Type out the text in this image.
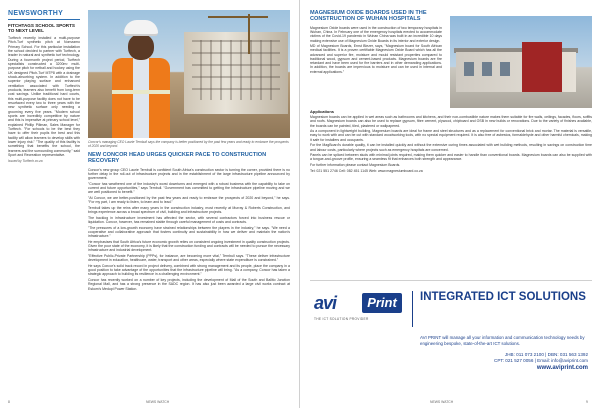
NEWSWORTHY
FITCHTAGS SCHOOL SPORTS TO NEXT LEVEL
Turftech recently installed a multi-purpose Pitch-Turf synthetic pitch at Nomzamo Primary School. For this particular installation the school decided to partner with Turftech, a leader in natural and synthetic turf technology. During a fourmonth project period, Turftech specialists constructed a 3200m² multi-purpose pitch for netball and hockey using the UK designed Pitch-Turf MTP8 with a drainage shock-absorbing system. In addition to the superior playing surface and enhanced ventilation associated with Turftech's products, learners also benefit from long-term cost savings. Unlike traditional hard courts, this multi-purpose facility does not have to be resurfaced every two to three years with the new synthetic surface only needing a grooming every five years. "Modern school sports are incredibly competitive by nature and this is imperative at primary school level," explained Phillip Pillman, Sales Manager for Turftech. "For schools to be the best they have to offer their pupils the best and this facility will allow learners to develop skills with lower injury risk." "The quality of this facility is something that benefits the school, the learners and the surrounding community," said Sport and Recreation representative.
Issued by Turftech.co.za
Concor's managing CEO Laurie Ternbull says the company is better positioned by the past few years and ready to embrace the prospects of 2020 and beyond.
NEW CONCOR HEAD URGES QUICKER PACE TO CONSTRUCTION RECOVERY

Concor's new group CEO Laurie Ternbull is confident South Africa's construction sector is turning the corner, provided there is no further delay in the roll-out of infrastructure projects and in the establishment of the large infrastructure pipeline announced by government.

"Concor has weathered one of the industry's worst downturns and emerged with a robust business with the capability to take on current and future opportunities," says Ternbull. "Government has committed to getting the infrastructure pipeline moving and we are well positioned to benefit."

"At Concor, we are better-positioned by the past few years and ready to embrace the prospects of 2020 and beyond," he says. "For my part, I am ready to listen, to learn and to lead."

Ternbull takes up the reins after many years in the construction industry, most recently at Murray & Roberts Construction, and brings experience across a broad spectrum of civil, building and infrastructure projects.

The backlog in infrastructure investment has affected the sector, with several contractors forced into business rescue or liquidation. Concor, however, has remained stable through careful management of costs and contracts.

"The pressures of a low-growth economy have strained relationships between the players in the industry," he says. "We need a cooperative and collaborative approach that fosters continuity and sustainability in how we deliver and maintain the nation's infrastructure."

He emphasises that South Africa's future economic growth relies on consistent ongoing investment in quality construction projects. Given the poor state of the economy, it is likely that the construction funding and contracts will be needed to pursue the necessary infrastructure and industrial development.

"Effective Public-Private Partnership (PPPs), for instance, are becoming more vital," Ternbull says. "These deliver infrastructure development in education, healthcare, water, transport and other areas, especially where state expenditure is constrained."

He says Concor's solid track record in project delivery, combined with strong management and its people, place the company in a good position to take advantage of the opportunities that the infrastructure pipeline will bring. "As a company, Concor has taken a strategic approach to building its resilience in a challenging environment."

Concor has recently worked on a number of key projects, including the development of Mall of the South and Ballito Junction Regional Mall, and has a strong presence in the SADC region. It has also just been awarded a large civil works contract at Eskom's Medupi Power Station.

8	NEWS WATCH
MAGNESIUM OXIDE BOARDS USED IN THE CONSTRUCTION OF WUHAN HOSPITALS

Magnesium Oxide boards were used in the construction of two temporary hospitals in Wuhan, China. In February one of the emergency hospitals erected to accommodate victims of the Covid-19 pandemic in Wuhan China was built in an incredible 10 days making extensive use of Magnesium Oxide Boards in its interior and exterior design.

MD of Magnesium Boards, Ernst Blezer, says, "Magnesium board for South African medical facilities. It is a proven certifiable Magnesium Oxide Board which has all the advanced and superior fire, moisture and mould resistant properties compared to traditional wood, gypsum and cement-based products. Magnesium boards are fire retardant and have been used for fire barriers and in other demanding applications. In addition, the boards are impervious to moisture and can be used in internal and external applications."

Applications

Magnesium boards can be applied in wet areas such as bathrooms and kitchens, and their non-combustible nature makes them suitable for fire walls, ceilings, facades, floors, soffits and roofs. Magnesium boards can also be used to replace gypsum, fibre cement, plywood, chipboard and OSB in new builds or renovations. Due to the variety of finishes available, the boards can be painted, tiled, plastered or wallpapered.

As a component in lightweight building, Magnesium boards are ideal for frame and steel structures and as a replacement for conventional brick and mortar. The material is versatile, easy to work with and can be cut with standard woodworking tools, with no special equipment required. It is also free of asbestos, formaldehyde and other harmful chemicals, making it safe for installers and occupants.

For the MagBoard's durable quality, it can be installed quickly and without the extensive curing times associated with wet building methods, resulting in savings on construction time and labour costs, particularly where projects such as emergency hospitals are concerned.

Panels can be spliced between studs with minimal joints required, making them quicker and easier to handle than conventional boards. Magnesium boards can also be supplied with a tongue-and-groove profile, ensuring a seamless fit that enhances both strength and appearance.

For further information please contact Magnesium Boards.

Tel: 021 551 2746 Cell: 082 451 1145 Web: www.magnesiumboard.co.za

avi	Print
THE ICT SOLUTION PROVIDER
INTEGRATED ICT SOLUTIONS
AVI PRINT will manage all your information and communication technology needs by engineering bespoke, state-of-the-art ICT solutions.
JHB: 011 073 2100 | DBN: 031 563 1392
CPT: 021 527 0056 | Email: info@aviprint.com
www.aviprint.com
NEWS WATCH	9
